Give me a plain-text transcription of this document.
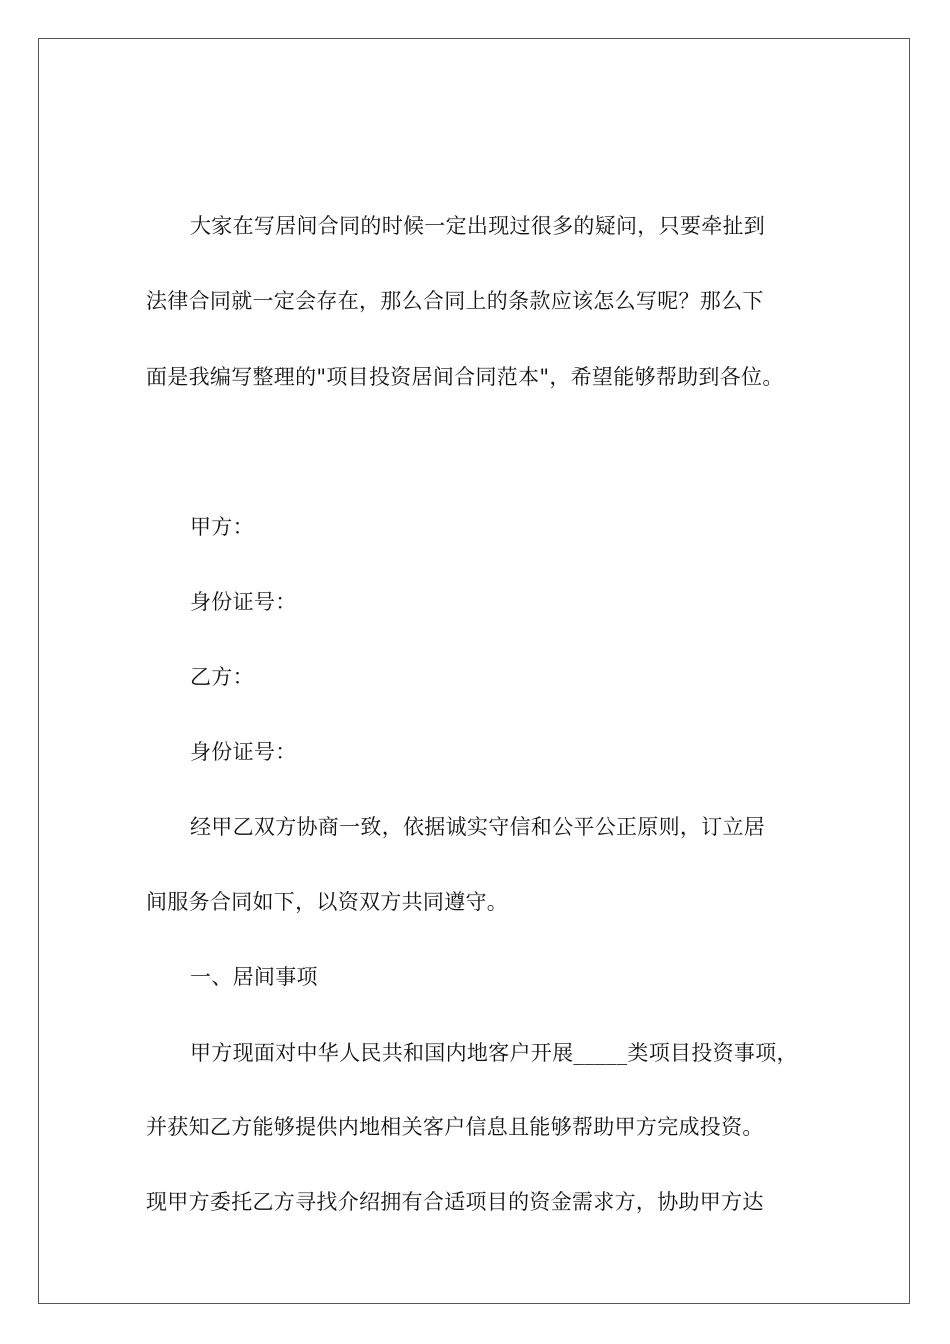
大家在写居间合同的时候一定出现过很多的疑问，只要牵扯到
法律合同就一定会存在，那么合同上的条款应该怎么写呢？那么下
面是我编写整理的"项目投资居间合同范本"，希望能够帮助到各位。
甲方：
身份证号：
乙方：
身份证号：
经甲乙双方协商一致，依据诚实守信和公平公正原则，订立居
间服务合同如下，以资双方共同遵守。
一、居间事项
甲方现面对中华人民共和国内地客户开展_____类项目投资事项，
并获知乙方能够提供内地相关客户信息且能够帮助甲方完成投资。
现甲方委托乙方寻找介绍拥有合适项目的资金需求方，协助甲方达
